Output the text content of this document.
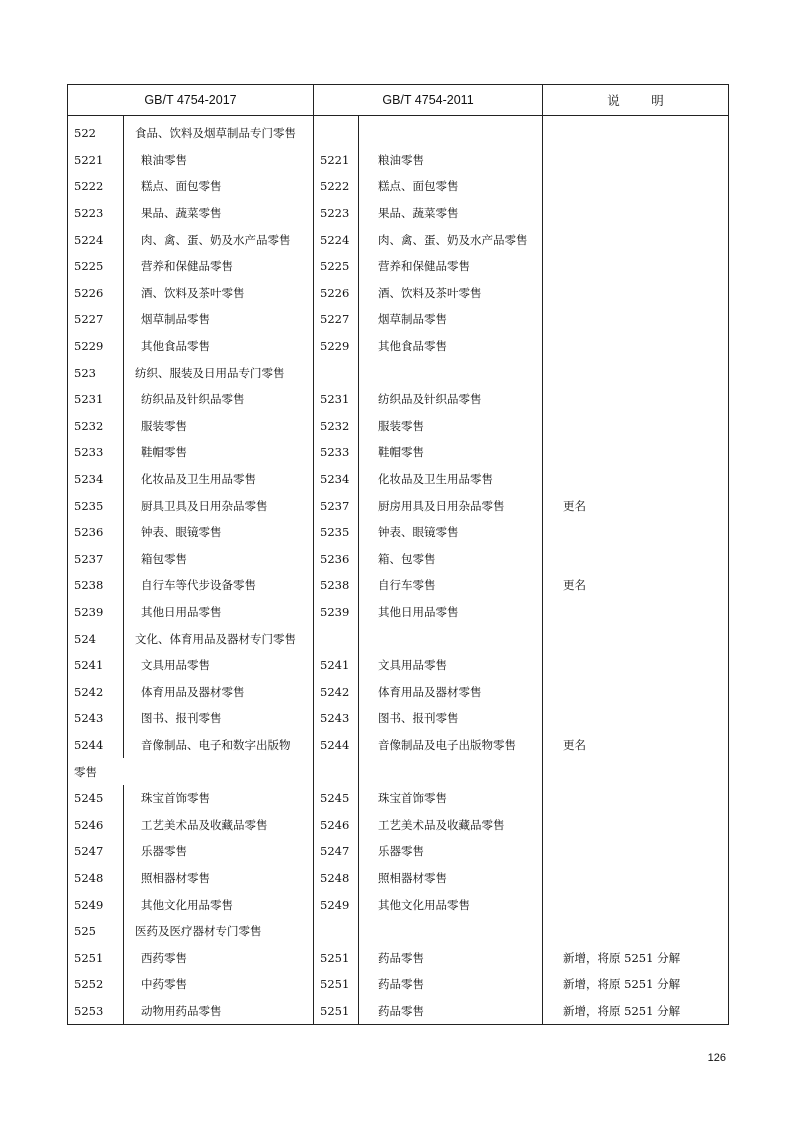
GB/T 4754-2017		GB/T 4754-2011		说 明
522	食品、饮料及烟草制品专门零售			
5221	粮油零售	5221	粮油零售	
5222	糕点、面包零售	5222	糕点、面包零售	
5223	果品、蔬菜零售	5223	果品、蔬菜零售	
5224	肉、禽、蛋、奶及水产品零售	5224	肉、禽、蛋、奶及水产品零售	
5225	营养和保健品零售	5225	营养和保健品零售	
5226	酒、饮料及茶叶零售	5226	酒、饮料及茶叶零售	
5227	烟草制品零售	5227	烟草制品零售	
5229	其他食品零售	5229	其他食品零售	
523	纺织、服装及日用品专门零售			
5231	纺织品及针织品零售	5231	纺织品及针织品零售	
5232	服装零售	5232	服装零售	
5233	鞋帽零售	5233	鞋帽零售	
5234	化妆品及卫生用品零售	5234	化妆品及卫生用品零售	
5235	厨具卫具及日用杂品零售	5237	厨房用具及日用杂品零售	更名
5236	钟表、眼镜零售	5235	钟表、眼镜零售	
5237	箱包零售	5236	箱、包零售	
5238	自行车等代步设备零售	5238	自行车零售	更名
5239	其他日用品零售	5239	其他日用品零售	
524	文化、体育用品及器材专门零售			
5241	文具用品零售	5241	文具用品零售	
5242	体育用品及器材零售	5242	体育用品及器材零售	
5243	图书、报刊零售	5243	图书、报刊零售	
5244	音像制品、电子和数字出版物	5244	音像制品及电子出版物零售	更名
零售				
5245	珠宝首饰零售	5245	珠宝首饰零售	
5246	工艺美术品及收藏品零售	5246	工艺美术品及收藏品零售	
5247	乐器零售	5247	乐器零售	
5248	照相器材零售	5248	照相器材零售	
5249	其他文化用品零售	5249	其他文化用品零售	
525	医药及医疗器材专门零售			
5251	西药零售	5251	药品零售	新增，将原 5251 分解
5252	中药零售	5251	药品零售	新增，将原 5251 分解
5253	动物用药品零售	5251	药品零售	新增，将原 5251 分解
126
